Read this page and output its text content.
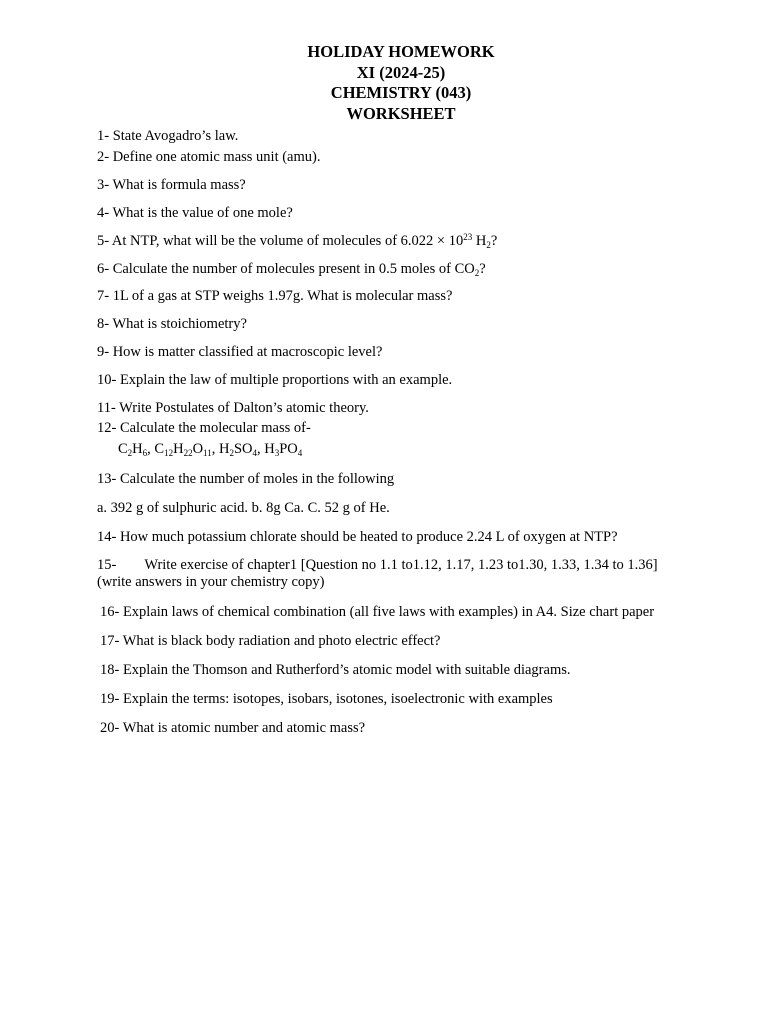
HOLIDAY HOMEWORK
XI (2024-25)
CHEMISTRY (043)
WORKSHEET
1- State Avogadro’s law.
2- Define one atomic mass unit (amu).
3- What is formula mass?
4- What is the value of one mole?
5- At NTP, what will be the volume of molecules of $6.022 \times 10^{23}$ $H_2$?
6- Calculate the number of molecules present in 0.5 moles of $CO_2$?
7- 1L of a gas at STP weighs 1.97g. What is molecular mass?
8- What is stoichiometry?
9- How is matter classified at macroscopic level?
10- Explain the law of multiple proportions with an example.
11- Write Postulates of Dalton’s atomic theory.
12- Calculate the molecular mass of-
$C_2H_6$, $C_{12}H_{22}O_{11}$, $H_2SO_4$, $H_3PO_4$
13- Calculate the number of moles in the following
a. 392 g of sulphuric acid. b. 8g Ca. C. 52 g of He.
14- How much potassium chlorate should be heated to produce 2.24 L of oxygen at NTP?
15- Write exercise of chapter1 [Question no 1.1 to1.12, 1.17, 1.23 to1.30, 1.33, 1.34 to 1.36]
(write answers in your chemistry copy)
16- Explain laws of chemical combination (all five laws with examples) in A4. Size chart paper
17- What is black body radiation and photo electric effect?
18- Explain the Thomson and Rutherford’s atomic model with suitable diagrams.
19- Explain the terms: isotopes, isobars, isotones, isoelectronic with examples
20- What is atomic number and atomic mass?
